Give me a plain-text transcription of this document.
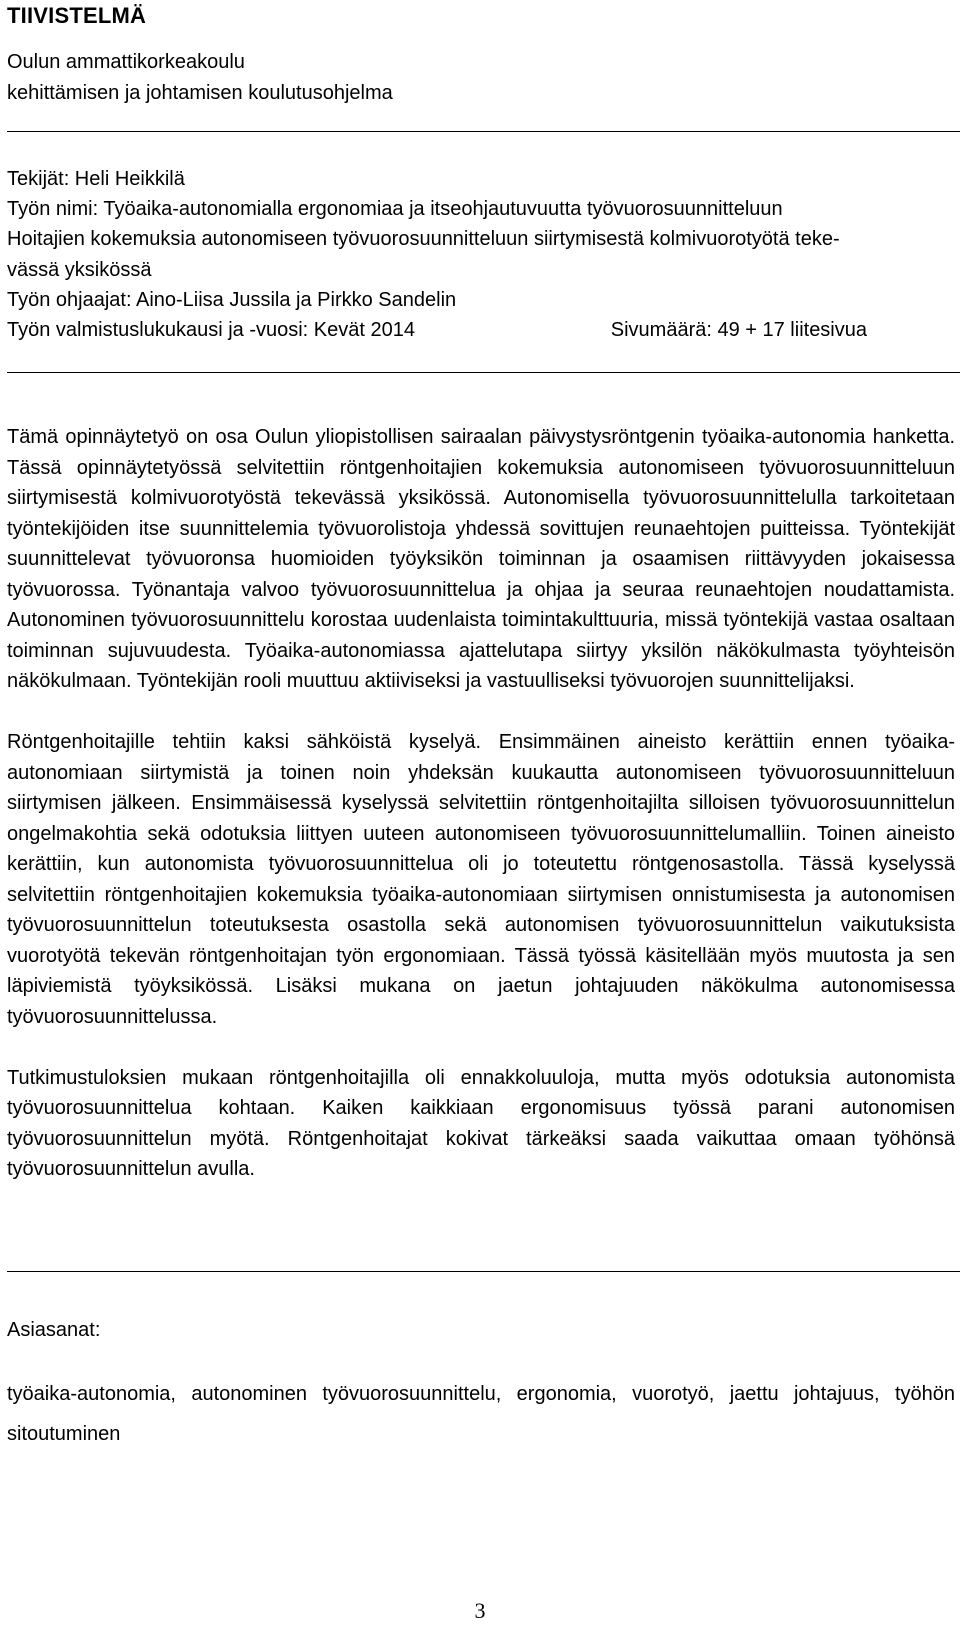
TIIVISTELMÄ
Oulun ammattikorkeakoulu
kehittämisen ja johtamisen koulutusohjelma
Tekijät: Heli Heikkilä
Työn nimi: Työaika-autonomialla ergonomiaa ja itseohjautuvuutta työvuorosuunnitteluun
Hoitajien kokemuksia autonomiseen työvuorosuunnitteluun siirtymisestä kolmivuorotyötä teke-
vässä yksikössä
Työn ohjaajat: Aino-Liisa Jussila ja Pirkko Sandelin
Työn valmistuslukukausi ja -vuosi: Kevät 2014	Sivumäärä: 49 + 17 liitesivua

Tämä opinnäytetyö on osa Oulun yliopistollisen sairaalan päivystysröntgenin työaika-autonomia hanketta. Tässä opinnäytetyössä selvitettiin röntgenhoitajien kokemuksia autonomiseen työvuorosuunnitteluun siirtymisestä kolmivuorotyöstä tekevässä yksikössä. Autonomisella työvuorosuunnittelulla tarkoitetaan työntekijöiden itse suunnittelemia työvuorolistoja yhdessä sovittujen reunaehtojen puitteissa. Työntekijät suunnittelevat työvuoronsa huomioiden työyksikön toiminnan ja osaamisen riittävyyden jokaisessa työvuorossa. Työnantaja valvoo työvuorosuunnittelua ja ohjaa ja seuraa reunaehtojen noudattamista. Autonominen työvuorosuunnittelu korostaa uudenlaista toimintakulttuuria, missä työntekijä vastaa osaltaan toiminnan sujuvuudesta. Työaika-autonomiassa ajattelutapa siirtyy yksilön näkökulmasta työyhteisön näkökulmaan. Työntekijän rooli muuttuu aktiiviseksi ja vastuulliseksi työvuorojen suunnittelijaksi.

Röntgenhoitajille tehtiin kaksi sähköistä kyselyä. Ensimmäinen aineisto kerättiin ennen työaika-autonomiaan siirtymistä ja toinen noin yhdeksän kuukautta autonomiseen työvuorosuunnitteluun siirtymisen jälkeen. Ensimmäisessä kyselyssä selvitettiin röntgenhoitajilta silloisen työvuorosuunnittelun ongelmakohtia sekä odotuksia liittyen uuteen autonomiseen työvuorosuunnittelumalliin. Toinen aineisto kerättiin, kun autonomista työvuorosuunnittelua oli jo toteutettu röntgenosastolla. Tässä kyselyssä selvitettiin röntgenhoitajien kokemuksia työaika-autonomiaan siirtymisen onnistumisesta ja autonomisen työvuorosuunnittelun toteutuksesta osastolla sekä autonomisen työvuorosuunnittelun vaikutuksista vuorotyötä tekevän röntgenhoitajan työn ergonomiaan. Tässä työssä käsitellään myös muutosta ja sen läpiviemistä työyksikössä. Lisäksi mukana on jaetun johtajuuden näkökulma autonomisessa työvuorosuunnittelussa.

Tutkimustuloksien mukaan röntgenhoitajilla oli ennakkoluuloja, mutta myös odotuksia autonomista työvuorosuunnittelua kohtaan. Kaiken kaikkiaan ergonomisuus työssä parani autonomisen työvuorosuunnittelun myötä. Röntgenhoitajat kokivat tärkeäksi saada vaikuttaa omaan työhönsä työvuorosuunnittelun avulla.

Asiasanat:
työaika-autonomia, autonominen työvuorosuunnittelu, ergonomia, vuorotyö, jaettu johtajuus, työhön sitoutuminen
3
